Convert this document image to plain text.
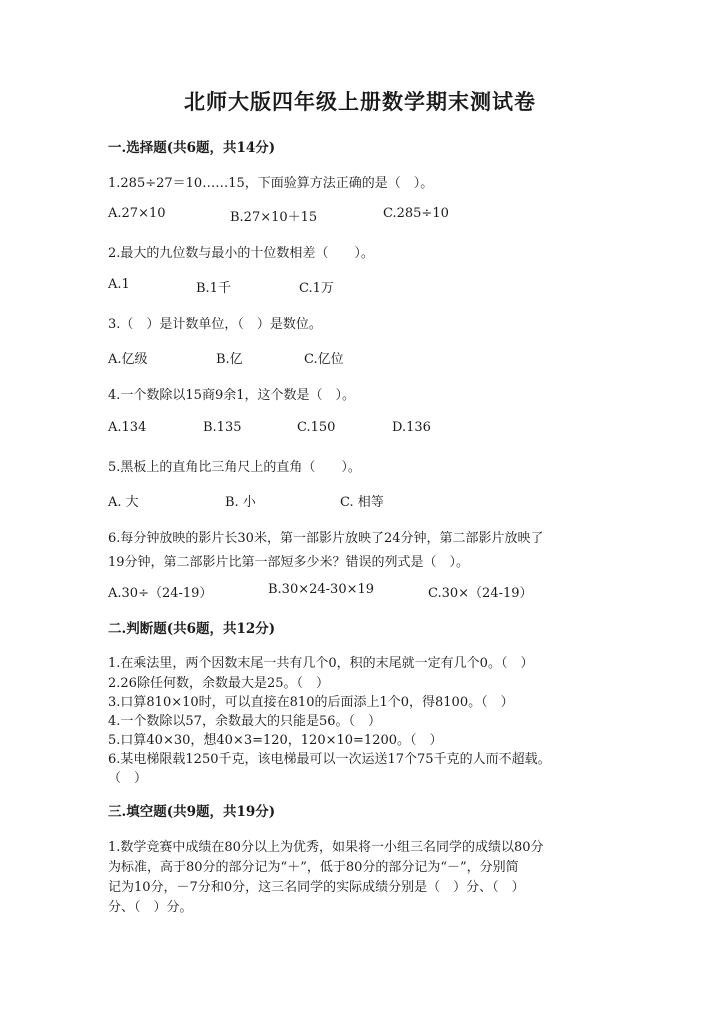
北师大版四年级上册数学期末测试卷
一.选择题(共6题，共14分)
1.285÷27＝10……15，下面验算方法正确的是（　）。
A.27×10	B.27×10＋15	C.285÷10
2.最大的九位数与最小的十位数相差（　　）。
A.1	B.1千	C.1万
3.（　）是计数单位，（　）是数位。
A.亿级	B.亿	C.亿位
4.一个数除以15商9余1，这个数是（　）。
A.134	B.135	C.150	D.136
5.黑板上的直角比三角尺上的直角（　　）。
A. 大	B. 小	C. 相等
6.每分钟放映的影片长30米，第一部影片放映了24分钟，第二部影片放映了
19分钟，第二部影片比第一部短多少米？错误的列式是（　）。
A.30÷（24-19）	B.30×24-30×19	C.30×（24-19）
二.判断题(共6题，共12分)
1.在乘法里，两个因数末尾一共有几个0，积的末尾就一定有几个0。（　）
2.26除任何数，余数最大是25。（　）
3.口算810×10时，可以直接在810的后面添上1个0，得8100。（　）
4.一个数除以57，余数最大的只能是56。（　）
5.口算40×30，想40×3=120，120×10=1200。（　）
6.某电梯限载1250千克，该电梯最可以一次运送17个75千克的人而不超载。
（　）
三.填空题(共9题，共19分)
1.数学竞赛中成绩在80分以上为优秀，如果将一小组三名同学的成绩以80分
为标准，高于80分的部分记为“＋”，低于80分的部分记为“－”，分别简
记为10分，－7分和0分，这三名同学的实际成绩分别是（　）分、（　）
分、（　）分。
